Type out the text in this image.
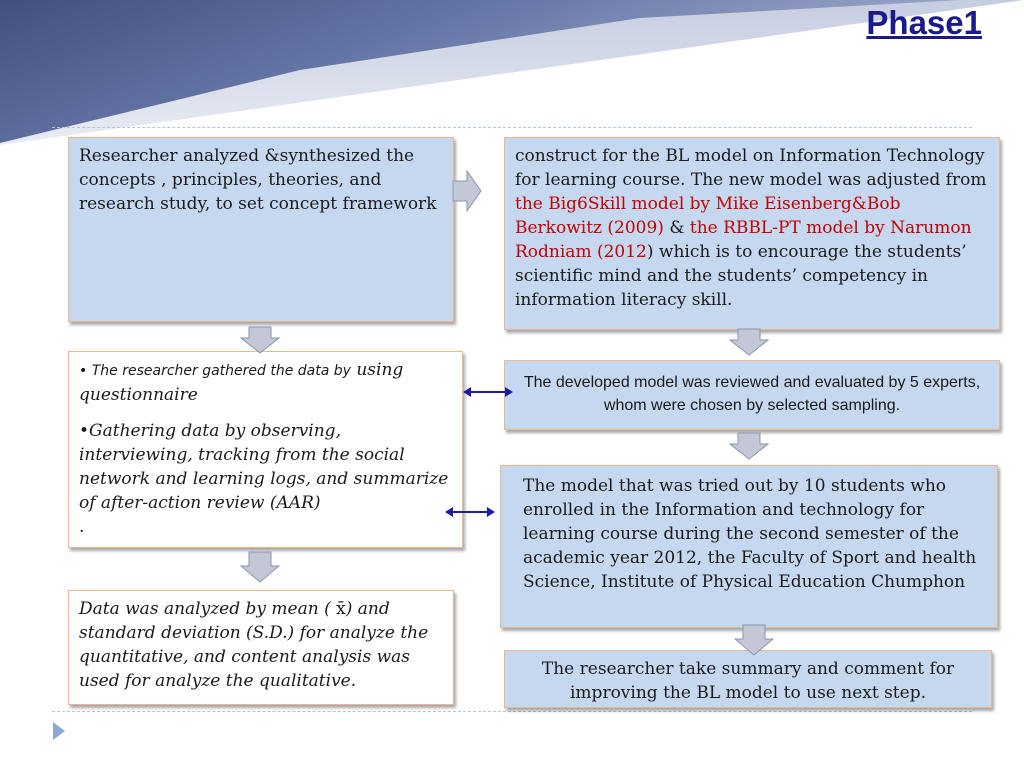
Phase1
Researcher analyzed &synthesized the concepts , principles, theories, and research study, to set concept framework
• The researcher gathered the data by using questionnaire
•Gathering data by observing, interviewing, tracking from the social network and learning logs, and summarize of after-action review (AAR)
.
Data was analyzed by mean ( x̄) and standard deviation (S.D.) for analyze the quantitative, and content analysis was used for analyze the qualitative.
construct for the BL model on Information Technology for learning course. The new model was adjusted from the Big6Skill model by Mike Eisenberg&Bob Berkowitz (2009) & the RBBL-PT model by Narumon Rodniam (2012) which is to encourage the students’ scientific mind and the students’ competency in information literacy skill.
The developed model was reviewed and evaluated by 5 experts, whom were chosen by selected sampling.
The model that was tried out by 10 students who enrolled in the Information and technology for learning course during the second semester of the academic year 2012, the Faculty of Sport and health Science, Institute of Physical Education Chumphon
The researcher take summary and comment for improving the BL model to use next step.
